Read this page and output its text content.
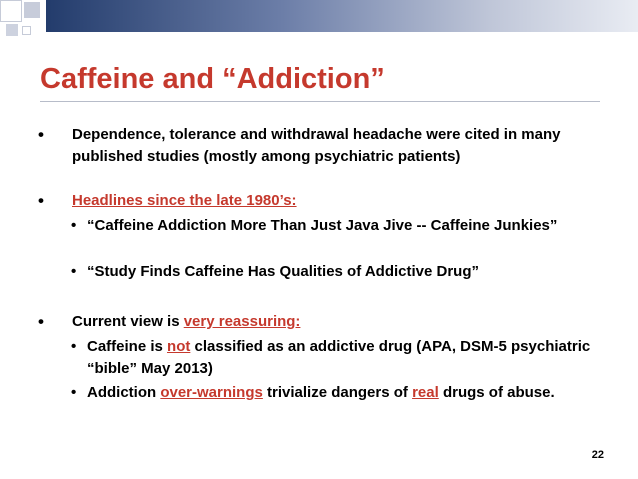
Caffeine and “Addiction”
•	Dependence, tolerance and withdrawal headache were cited in many published studies (mostly among psychiatric patients)
•	Headlines since the late 1980’s:
• “Caffeine Addiction More Than Just Java Jive -- Caffeine Junkies”
• “Study Finds Caffeine Has Qualities of Addictive Drug”
•	Current view is very reassuring:
• Caffeine is not classified as an addictive drug (APA, DSM-5 psychiatric “bible” May 2013)
• Addiction over-warnings trivialize dangers of real drugs of abuse.
22
